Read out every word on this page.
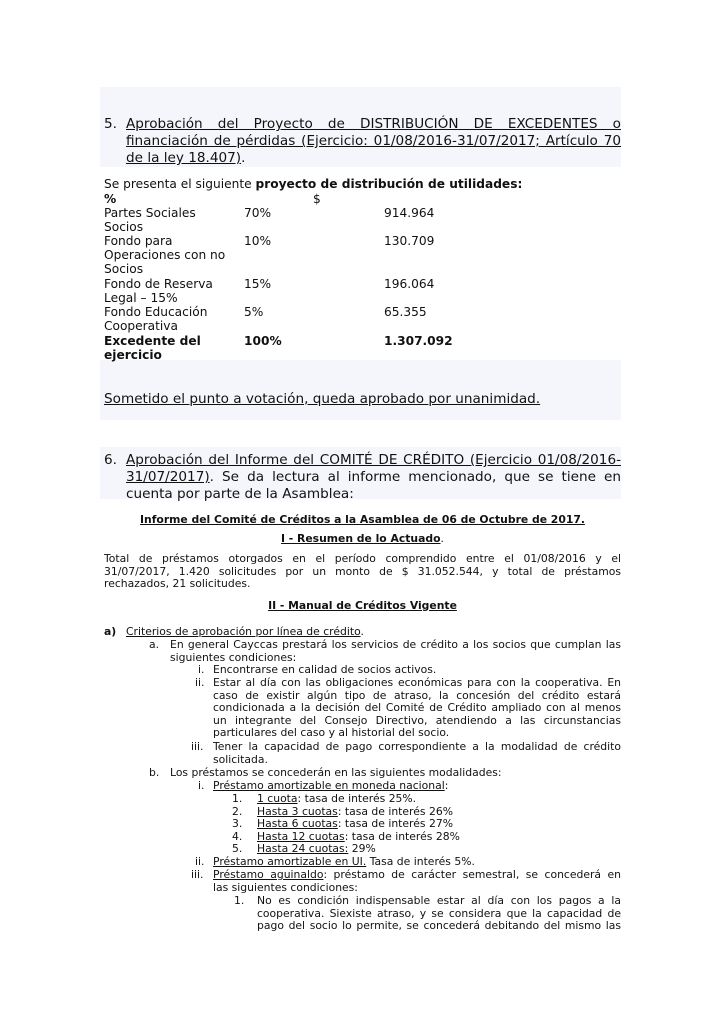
5. Aprobación del Proyecto de DISTRIBUCIÓN DE EXCEDENTES o
financiación de pérdidas (Ejercicio: 01/08/2016-31/07/2017; Artículo 70
de la ley 18.407).
Se presenta el siguiente proyecto de distribución de utilidades:
%	$
Partes Sociales
Socios
70%	914.964
Fondo para
Operaciones con no
Socios
10%	130.709
Fondo de Reserva
Legal – 15%
15%	196.064
Fondo Educación
Cooperativa
5%	65.355
Excedente del
ejercicio
100%	1.307.092
Sometido el punto a votación, queda aprobado por unanimidad.
6. Aprobación del Informe del COMITÉ DE CRÉDITO (Ejercicio 01/08/2016-
31/07/2017). Se da lectura al informe mencionado, que se tiene en
cuenta por parte de la Asamblea:
Informe del Comité de Créditos a la Asamblea de 06 de Octubre de 2017.
I - Resumen de lo Actuado.
Total de préstamos otorgados en el período comprendido entre el 01/08/2016 y el
31/07/2017, 1.420 solicitudes por un monto de $ 31.052.544, y total de préstamos
rechazados, 21 solicitudes.
II - Manual de Créditos Vigente
a) Criterios de aprobación por línea de crédito.
a. En general Cayccas prestará los servicios de crédito a los socios que cumplan las
siguientes condiciones:
i. Encontrarse en calidad de socios activos.
ii. Estar al día con las obligaciones económicas para con la cooperativa. En
caso de existir algún tipo de atraso, la concesión del crédito estará
condicionada a la decisión del Comité de Crédito ampliado con al menos
un integrante del Consejo Directivo, atendiendo a las circunstancias
particulares del caso y al historial del socio.
iii. Tener la capacidad de pago correspondiente a la modalidad de crédito
solicitada.
b. Los préstamos se concederán en las siguientes modalidades:
i. Préstamo amortizable en moneda nacional:
1. 1 cuota: tasa de interés 25%.
2. Hasta 3 cuotas: tasa de interés 26%
3. Hasta 6 cuotas: tasa de interés 27%
4. Hasta 12 cuotas: tasa de interés 28%
5. Hasta 24 cuotas: 29%
ii. Préstamo amortizable en UI. Tasa de interés 5%.
iii. Préstamo aguinaldo: préstamo de carácter semestral, se concederá en
las siguientes condiciones:
1. No es condición indispensable estar al día con los pagos a la
cooperativa. Siexiste atraso, y se considera que la capacidad de
pago del socio lo permite, se concederá debitando del mismo las
